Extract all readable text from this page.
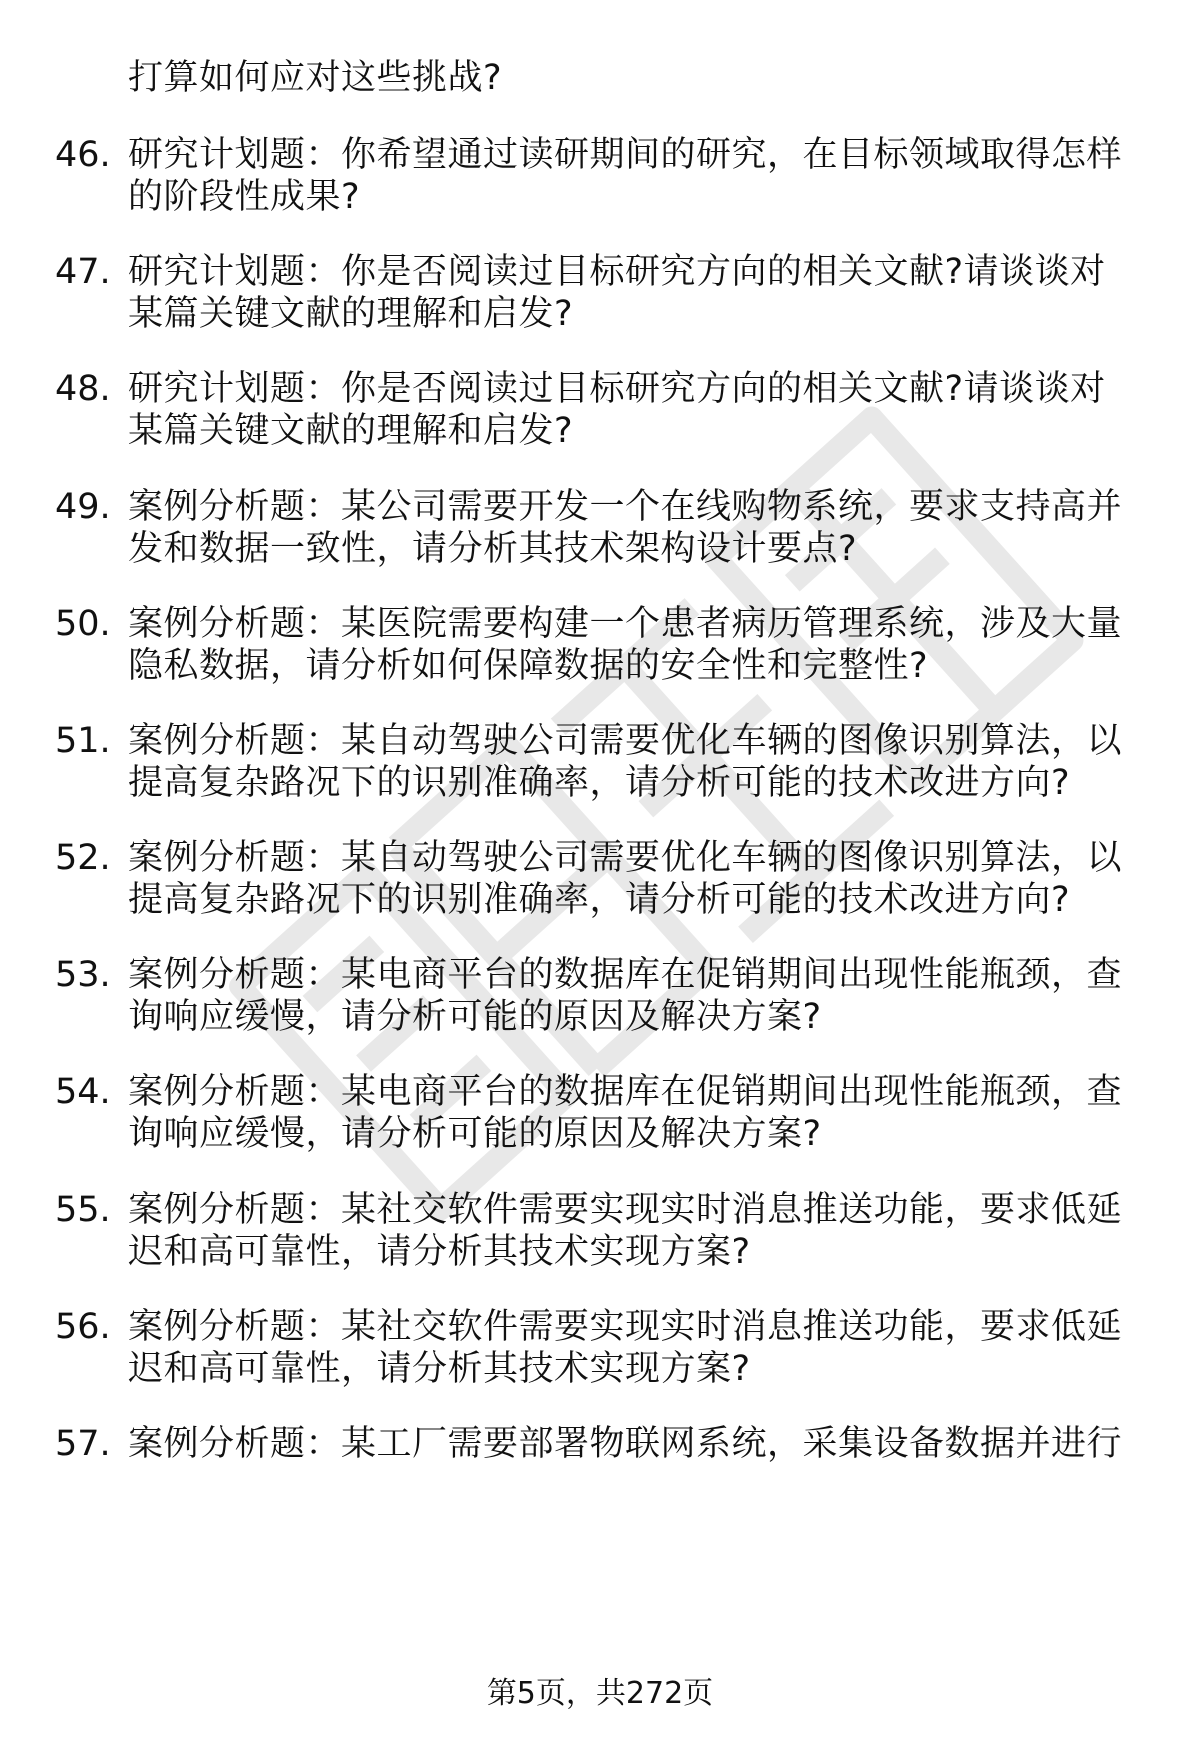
打算如何应对这些挑战?
46. 研究计划题：你希望通过读研期间的研究，在目标领域取得怎样
的阶段性成果?
47. 研究计划题：你是否阅读过目标研究方向的相关文献?请谈谈对
某篇关键文献的理解和启发?
48. 研究计划题：你是否阅读过目标研究方向的相关文献?请谈谈对
某篇关键文献的理解和启发?
49. 案例分析题：某公司需要开发一个在线购物系统，要求支持高并
发和数据一致性，请分析其技术架构设计要点?
50. 案例分析题：某医院需要构建一个患者病历管理系统，涉及大量
隐私数据，请分析如何保障数据的安全性和完整性?
51. 案例分析题：某自动驾驶公司需要优化车辆的图像识别算法，以
提高复杂路况下的识别准确率，请分析可能的技术改进方向?
52. 案例分析题：某自动驾驶公司需要优化车辆的图像识别算法，以
提高复杂路况下的识别准确率，请分析可能的技术改进方向?
53. 案例分析题：某电商平台的数据库在促销期间出现性能瓶颈，查
询响应缓慢，请分析可能的原因及解决方案?
54. 案例分析题：某电商平台的数据库在促销期间出现性能瓶颈，查
询响应缓慢，请分析可能的原因及解决方案?
55. 案例分析题：某社交软件需要实现实时消息推送功能，要求低延
迟和高可靠性，请分析其技术实现方案?
56. 案例分析题：某社交软件需要实现实时消息推送功能，要求低延
迟和高可靠性，请分析其技术实现方案?
57. 案例分析题：某工厂需要部署物联网系统，采集设备数据并进行
第5页，共272页
